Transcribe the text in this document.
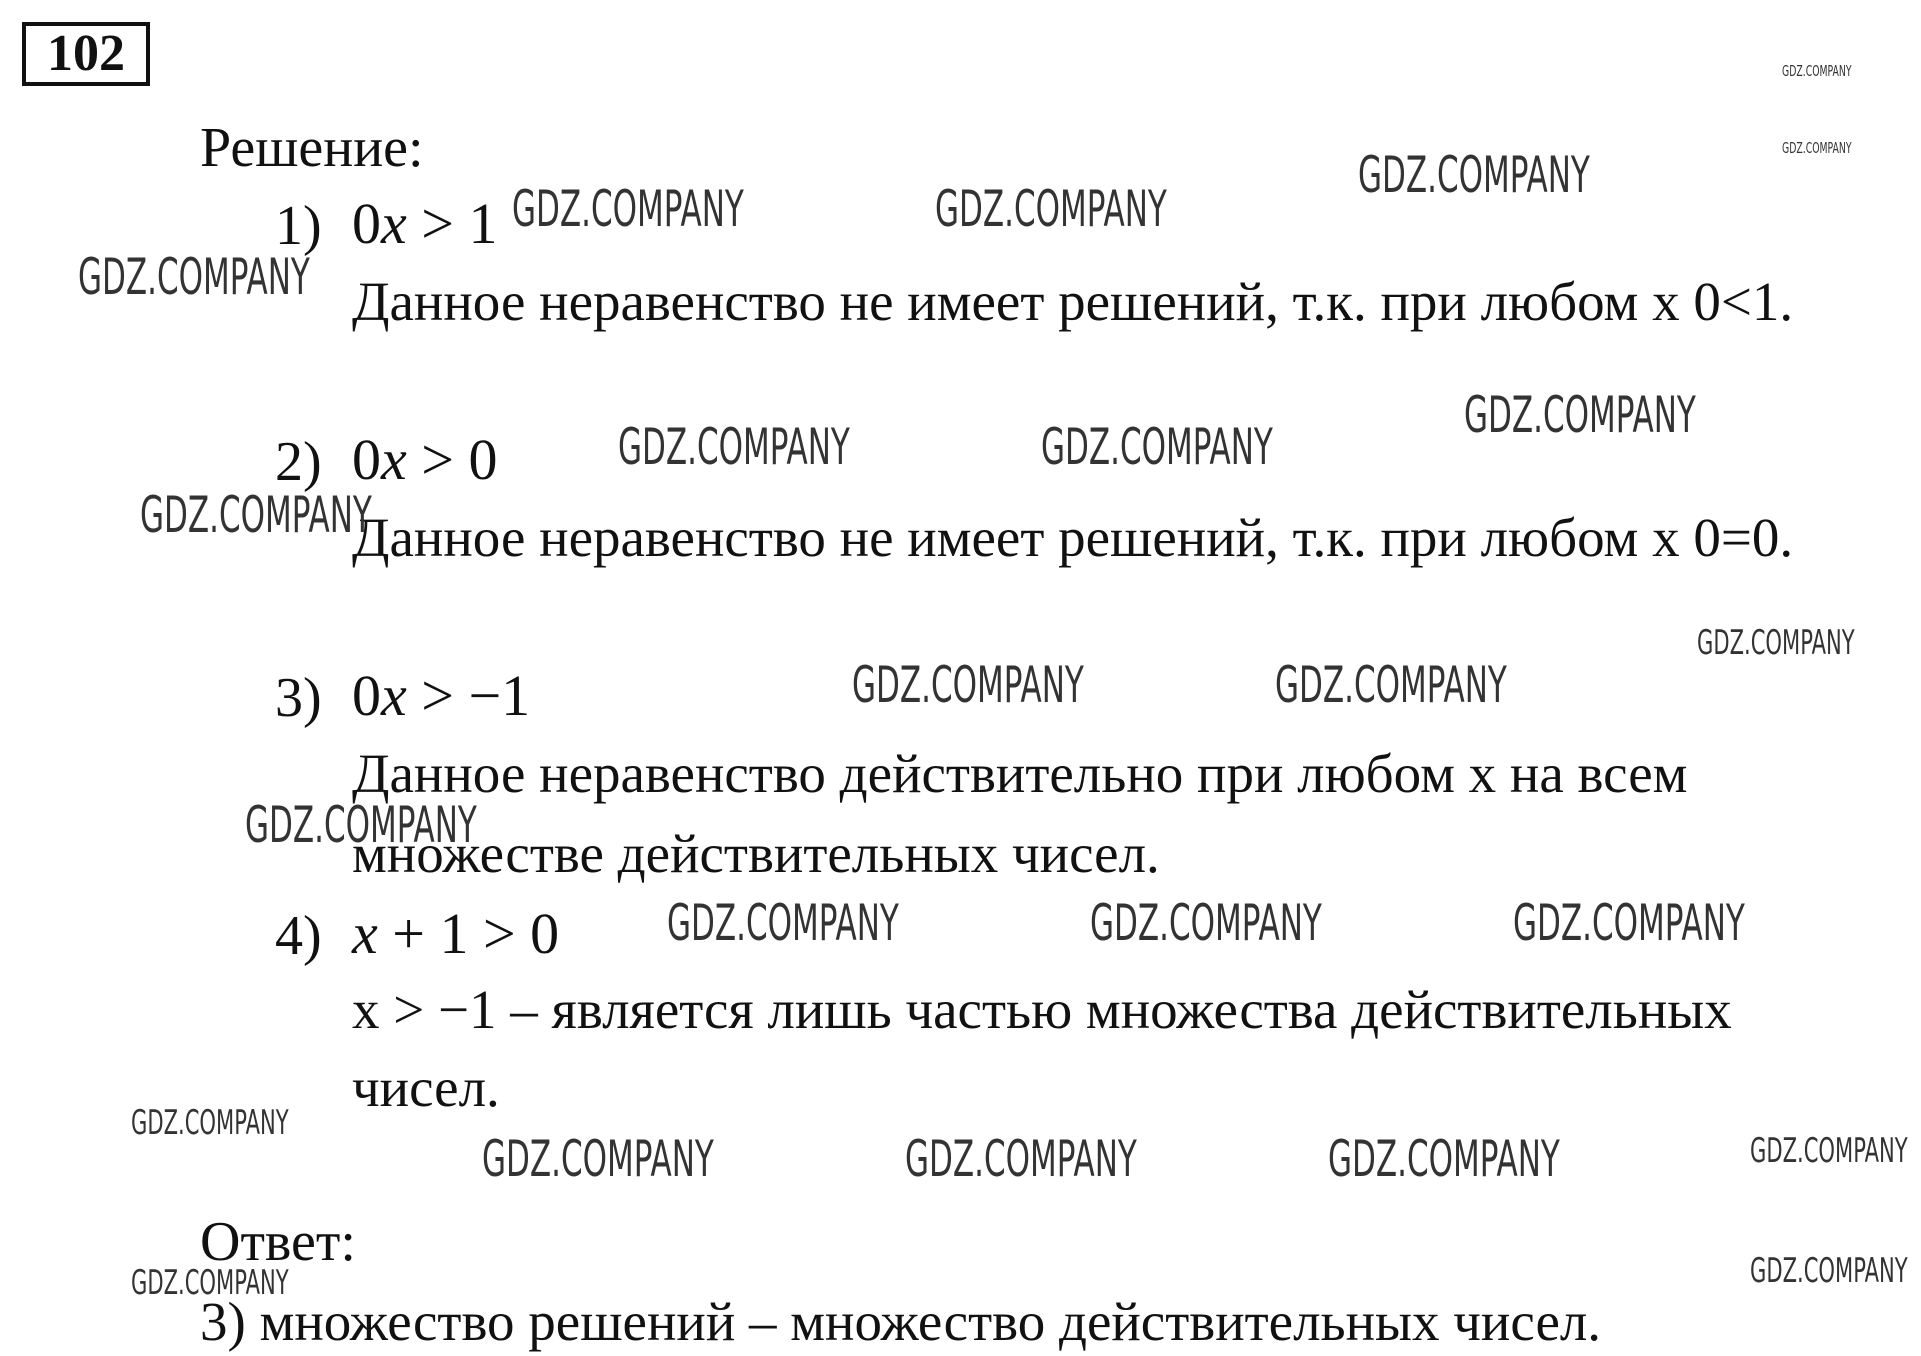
102
Решение:
1) 0x > 1
Данное неравенство не имеет решений, т.к. при любом х 0<1.
2) 0x > 0
Данное неравенство не имеет решений, т.к. при любом х 0=0.
3) 0x > −1
Данное неравенство действительно при любом x на всем
множестве действительных чисел.
4) x + 1 > 0
x > −1 – является лишь частью множества действительных
чисел.
Ответ:
3) множество решений – множество действительных чисел.
GDZ.COMPANY	GDZ.COMPANY
GDZ.COMPANY
GDZ.COMPANY
GDZ.COMPANY
GDZ.COMPANY
GDZ.COMPANY	GDZ.COMPANY
GDZ.COMPANY
GDZ.COMPANY
GDZ.COMPANY
GDZ.COMPANY	GDZ.COMPANY
GDZ.COMPANY
GDZ.COMPANY	GDZ.COMPANY	GDZ.COMPANY
GDZ.COMPANY
GDZ.COMPANY	GDZ.COMPANY	GDZ.COMPANY	GDZ.COMPANY
GDZ.COMPANY	GDZ.COMPANY
